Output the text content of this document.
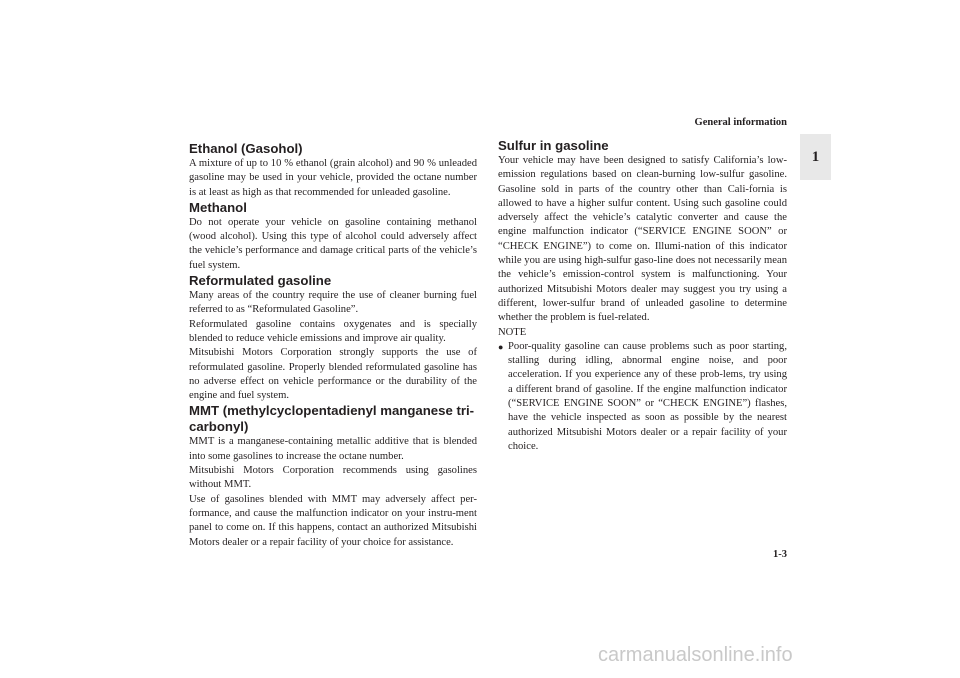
General information
1
Ethanol (Gasohol)

A mixture of up to 10 % ethanol (grain alcohol) and 90 % unleaded gasoline may be used in your vehicle, provided the octane number is at least as high as that recommended for unleaded gasoline.

Methanol

Do not operate your vehicle on gasoline containing methanol (wood alcohol). Using this type of alcohol could adversely affect the vehicle’s performance and damage critical parts of the vehicle’s fuel system.

Reformulated gasoline

Many areas of the country require the use of cleaner burning fuel referred to as “Reformulated Gasoline”.

Reformulated gasoline contains oxygenates and is specially blended to reduce vehicle emissions and improve air quality.

Mitsubishi Motors Corporation strongly supports the use of reformulated gasoline. Properly blended reformulated gasoline has no adverse effect on vehicle performance or the durability of the engine and fuel system.

MMT (methylcyclopentadienyl manganese tri-carbonyl)

MMT is a manganese-containing metallic additive that is blended into some gasolines to increase the octane number.

Mitsubishi Motors Corporation recommends using gasolines without MMT.

Use of gasolines blended with MMT may adversely affect per-formance, and cause the malfunction indicator on your instru-ment panel to come on. If this happens, contact an authorized Mitsubishi Motors dealer or a repair facility of your choice for assistance.

Sulfur in gasoline

Your vehicle may have been designed to satisfy California’s low-emission regulations based on clean-burning low-sulfur gasoline. Gasoline sold in parts of the country other than Cali-fornia is allowed to have a higher sulfur content. Using such gasoline could adversely affect the vehicle’s catalytic converter and cause the engine malfunction indicator (“SERVICE ENGINE SOON” or “CHECK ENGINE”) to come on. Illumi-nation of this indicator while you are using high-sulfur gaso-line does not necessarily mean the vehicle’s emission-control system is malfunctioning. Your authorized Mitsubishi Motors dealer may suggest you try using a different, lower-sulfur brand of unleaded gasoline to determine whether the problem is fuel-related.

NOTE
● Poor-quality gasoline can cause problems such as poor starting, stalling during idling, abnormal engine noise, and poor acceleration. If you experience any of these prob-lems, try using a different brand of gasoline. If the engine malfunction indicator (“SERVICE ENGINE SOON” or “CHECK ENGINE”) flashes, have the vehicle inspected as soon as possible by the nearest authorized Mitsubishi Motors dealer or a repair facility of your choice.

1-3
carmanualsonline.info
